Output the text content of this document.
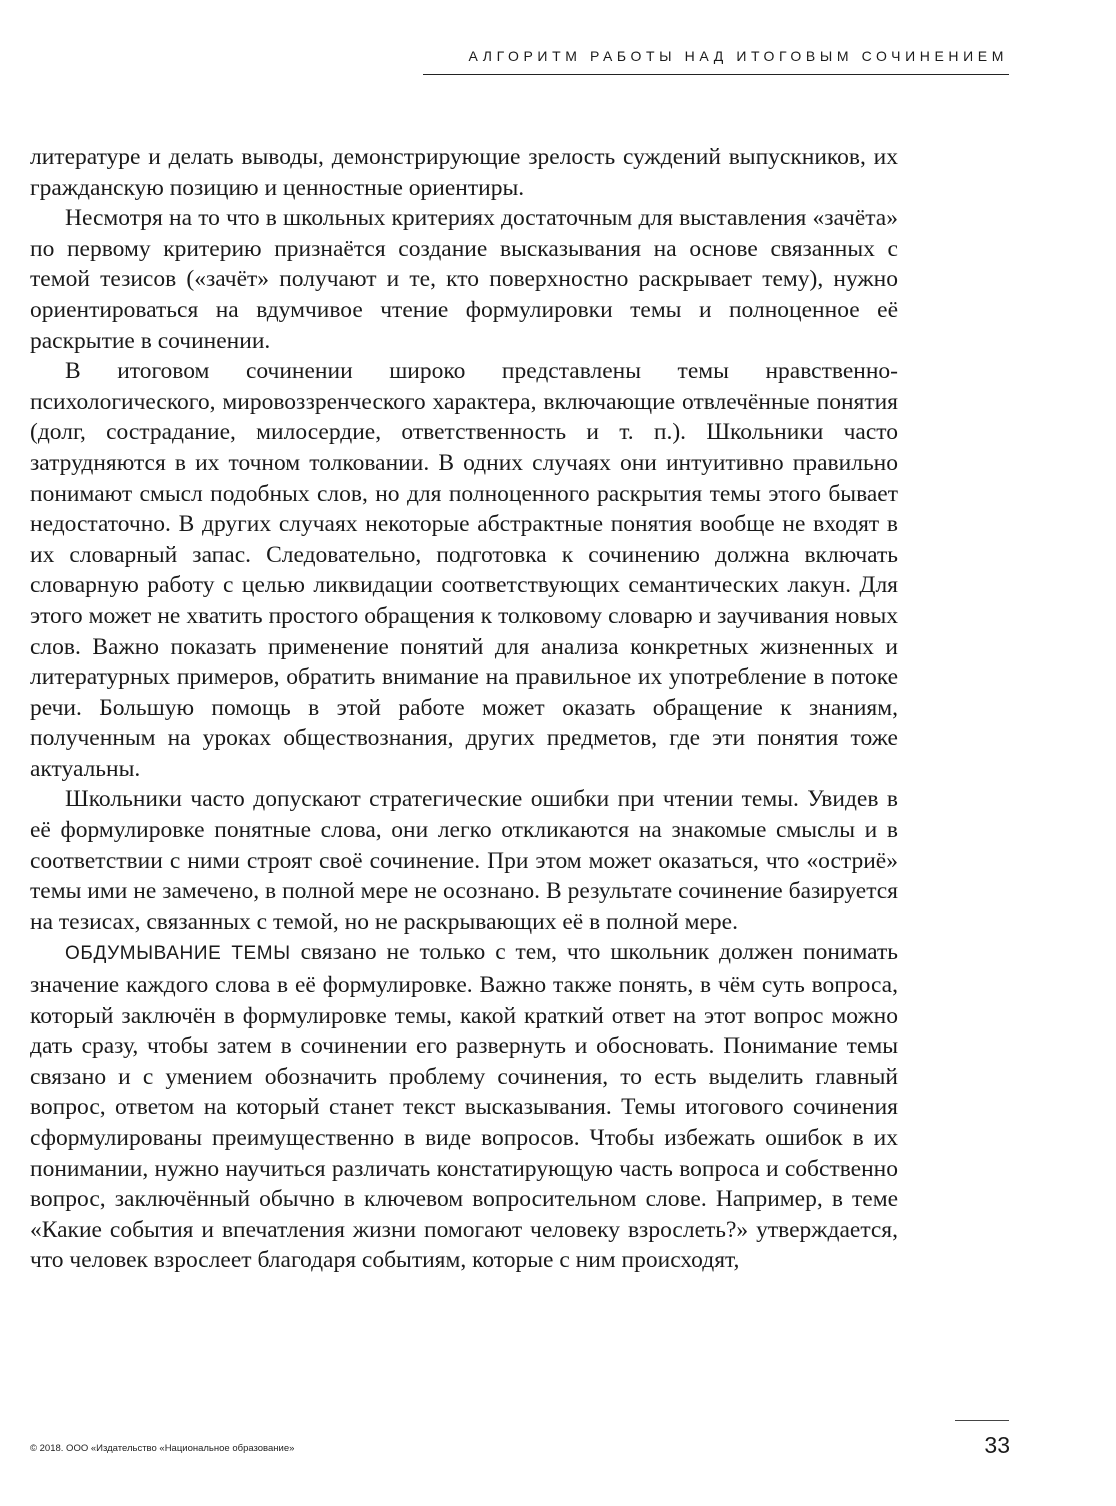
АЛГОРИТМ РАБОТЫ НАД ИТОГОВЫМ СОЧИНЕНИЕМ

литературе и делать выводы, демонстрирующие зрелость суждений выпускников, их гражданскую позицию и ценностные ориентиры.

Несмотря на то что в школьных критериях достаточным для выставления «зачёта» по первому критерию признаётся создание высказывания на основе связанных с темой тезисов («зачёт» получают и те, кто поверхностно раскрывает тему), нужно ориентироваться на вдумчивое чтение формулировки темы и полноценное её раскрытие в сочинении.

В итоговом сочинении широко представлены темы нравственно-психологического, мировоззренческого характера, включающие отвлечённые понятия (долг, сострадание, милосердие, ответственность и т. п.). Школьники часто затрудняются в их точном толковании. В одних случаях они интуитивно правильно понимают смысл подобных слов, но для полноценного раскрытия темы этого бывает недостаточно. В других случаях некоторые абстрактные понятия вообще не входят в их словарный запас. Следовательно, подготовка к сочинению должна включать словарную работу с целью ликвидации соответствующих семантических лакун. Для этого может не хватить простого обращения к толковому словарю и заучивания новых слов. Важно показать применение понятий для анализа конкретных жизненных и литературных примеров, обратить внимание на правильное их употребление в потоке речи. Большую помощь в этой работе может оказать обращение к знаниям, полученным на уроках обществознания, других предметов, где эти понятия тоже актуальны.

Школьники часто допускают стратегические ошибки при чтении темы. Увидев в её формулировке понятные слова, они легко откликаются на знакомые смыслы и в соответствии с ними строят своё сочинение. При этом может оказаться, что «остриё» темы ими не замечено, в полной мере не осознано. В результате сочинение базируется на тезисах, связанных с темой, но не раскрывающих её в полной мере.

ОБДУМЫВАНИЕ ТЕМЫ связано не только с тем, что школьник должен понимать значение каждого слова в её формулировке. Важно также понять, в чём суть вопроса, который заключён в формулировке темы, какой краткий ответ на этот вопрос можно дать сразу, чтобы затем в сочинении его развернуть и обосновать. Понимание темы связано и с умением обозначить проблему сочинения, то есть выделить главный вопрос, ответом на который станет текст высказывания. Темы итогового сочинения сформулированы преимущественно в виде вопросов. Чтобы избежать ошибок в их понимании, нужно научиться различать констатирующую часть вопроса и собственно вопрос, заключённый обычно в ключевом вопросительном слове. Например, в теме «Какие события и впечатления жизни помогают человеку взрослеть?» утверждается, что человек взрослеет благодаря событиям, которые с ним происходят,

© 2018. ООО «Издательство «Национальное образование»	33
